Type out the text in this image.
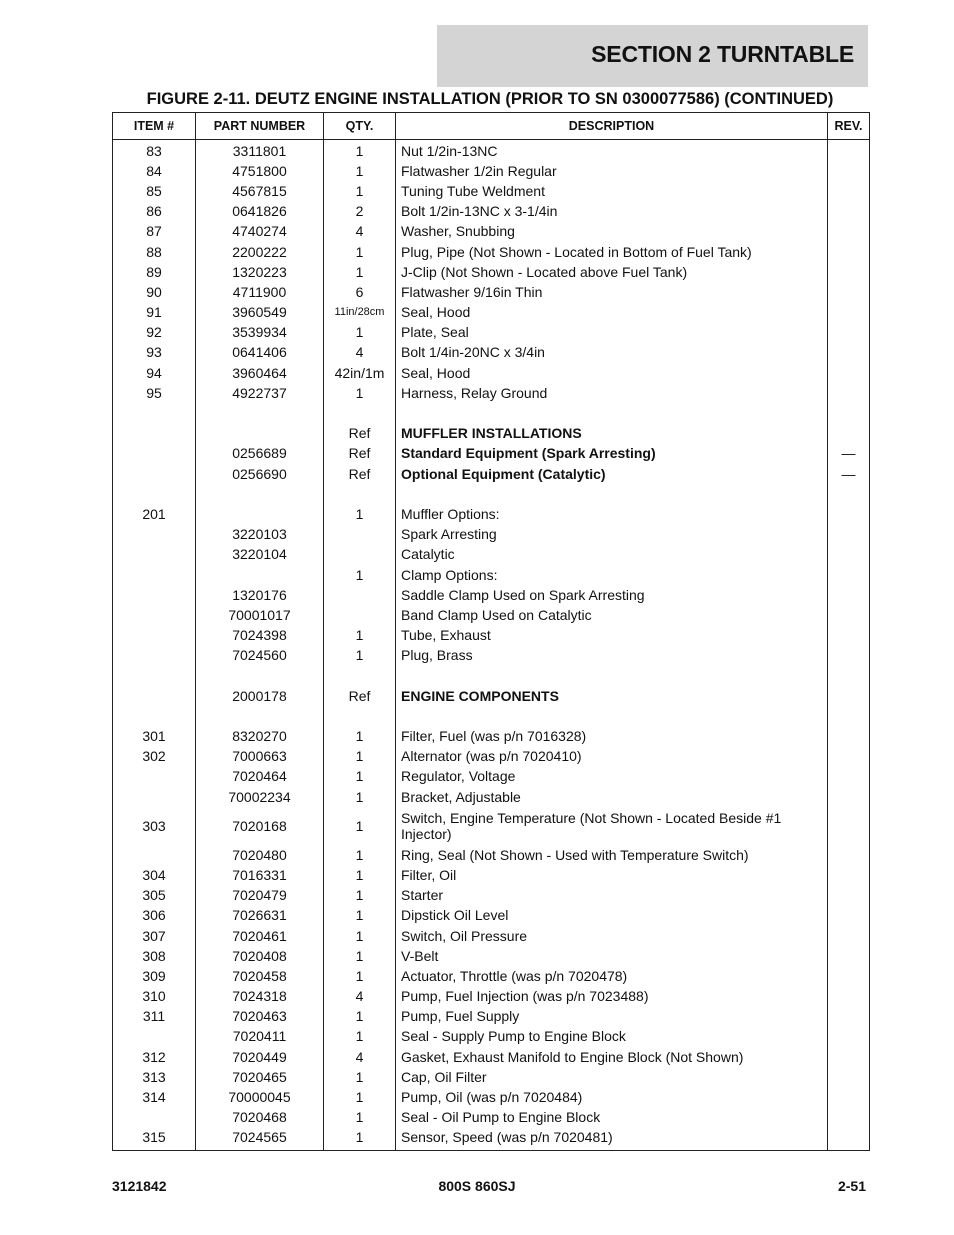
SECTION 2 TURNTABLE
FIGURE 2-11. DEUTZ ENGINE INSTALLATION (PRIOR TO SN 0300077586) (CONTINUED)
ITEM #	PART NUMBER	QTY.	DESCRIPTION	REV.
83	3311801	1	Nut 1/2in-13NC	
84	4751800	1	Flatwasher 1/2in Regular	
85	4567815	1	Tuning Tube Weldment	
86	0641826	2	Bolt 1/2in-13NC x 3-1/4in	
87	4740274	4	Washer, Snubbing	
88	2200222	1	Plug, Pipe (Not Shown - Located in Bottom of Fuel Tank)	
89	1320223	1	J-Clip (Not Shown - Located above Fuel Tank)	
90	4711900	6	Flatwasher 9/16in Thin	
91	3960549	11in/28cm	Seal, Hood	
92	3539934	1	Plate, Seal	
93	0641406	4	Bolt 1/4in-20NC x 3/4in	
94	3960464	42in/1m	Seal, Hood	
95	4922737	1	Harness, Relay Ground	

		Ref	MUFFLER INSTALLATIONS	
	0256689	Ref	Standard Equipment (Spark Arresting)	—
	0256690	Ref	Optional Equipment (Catalytic)	—

201		1	Muffler Options:	
	3220103		Spark Arresting	
	3220104		Catalytic	
		1	Clamp Options:	
	1320176		Saddle Clamp Used on Spark Arresting	
	70001017		Band Clamp Used on Catalytic	
	7024398	1	Tube, Exhaust	
	7024560	1	Plug, Brass	

	2000178	Ref	ENGINE COMPONENTS	

301	8320270	1	Filter, Fuel (was p/n 7016328)	
302	7000663	1	Alternator (was p/n 7020410)	
	7020464	1	Regulator, Voltage	
	70002234	1	Bracket, Adjustable	
303	7020168	1	Switch, Engine Temperature (Not Shown - Located Beside #1 Injector)	
	7020480	1	Ring, Seal (Not Shown - Used with Temperature Switch)	
304	7016331	1	Filter, Oil	
305	7020479	1	Starter	
306	7026631	1	Dipstick Oil Level	
307	7020461	1	Switch, Oil Pressure	
308	7020408	1	V-Belt	
309	7020458	1	Actuator, Throttle (was p/n 7020478)	
310	7024318	4	Pump, Fuel Injection (was p/n 7023488)	
311	7020463	1	Pump, Fuel Supply	
	7020411	1	Seal - Supply Pump to Engine Block	
312	7020449	4	Gasket, Exhaust Manifold to Engine Block (Not Shown)	
313	7020465	1	Cap, Oil Filter	
314	70000045	1	Pump, Oil (was p/n 7020484)	
	7020468	1	Seal - Oil Pump to Engine Block	
315	7024565	1	Sensor, Speed (was p/n 7020481)	
3121842	800S 860SJ	2-51
